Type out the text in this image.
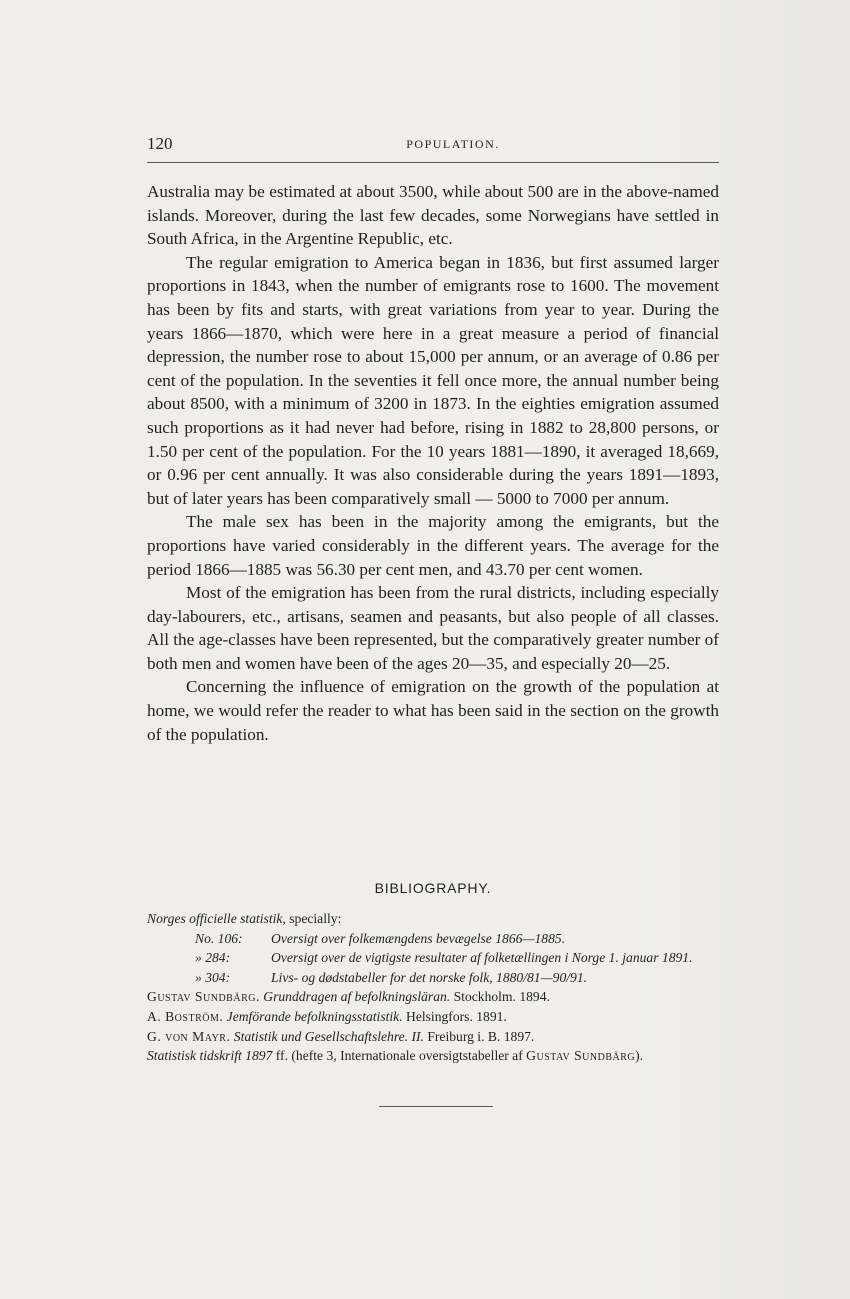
120	POPULATION.

Australia may be estimated at about 3500, while about 500 are in the above-named islands. Moreover, during the last few decades, some Norwegians have settled in South Africa, in the Argentine Republic, etc.

The regular emigration to America began in 1836, but first assumed larger proportions in 1843, when the number of emigrants rose to 1600. The movement has been by fits and starts, with great variations from year to year. During the years 1866—1870, which were here in a great measure a period of financial depression, the number rose to about 15,000 per annum, or an average of 0.86 per cent of the population. In the seventies it fell once more, the annual number being about 8500, with a minimum of 3200 in 1873. In the eighties emigration assumed such proportions as it had never had before, rising in 1882 to 28,800 persons, or 1.50 per cent of the population. For the 10 years 1881—1890, it averaged 18,669, or 0.96 per cent annually. It was also considerable during the years 1891—1893, but of later years has been comparatively small — 5000 to 7000 per annum.

The male sex has been in the majority among the emigrants, but the proportions have varied considerably in the different years. The average for the period 1866—1885 was 56.30 per cent men, and 43.70 per cent women.

Most of the emigration has been from the rural districts, including especially day-labourers, etc., artisans, seamen and peasants, but also people of all classes. All the age-classes have been represented, but the comparatively greater number of both men and women have been of the ages 20—35, and especially 20—25.

Concerning the influence of emigration on the growth of the population at home, we would refer the reader to what has been said in the section on the growth of the population.

BIBLIOGRAPHY.
Norges officielle statistik, specially:
No. 106:	Oversigt over folkemængdens bevægelse 1866—1885.
» 284:	Oversigt over de vigtigste resultater af folketællingen i Norge 1. januar 1891.
» 304:	Livs- og dødstabeller for det norske folk, 1880/81—90/91.
Gustav Sundbärg. Grunddragen af befolkningsläran. Stockholm. 1894.
A. Boström. Jemförande befolkningsstatistik. Helsingfors. 1891.
G. von Mayr. Statistik und Gesellschaftslehre. II. Freiburg i. B. 1897.
Statistisk tidskrift 1897 ff. (hefte 3, Internationale oversigtstabeller af Gustav Sundbärg).
